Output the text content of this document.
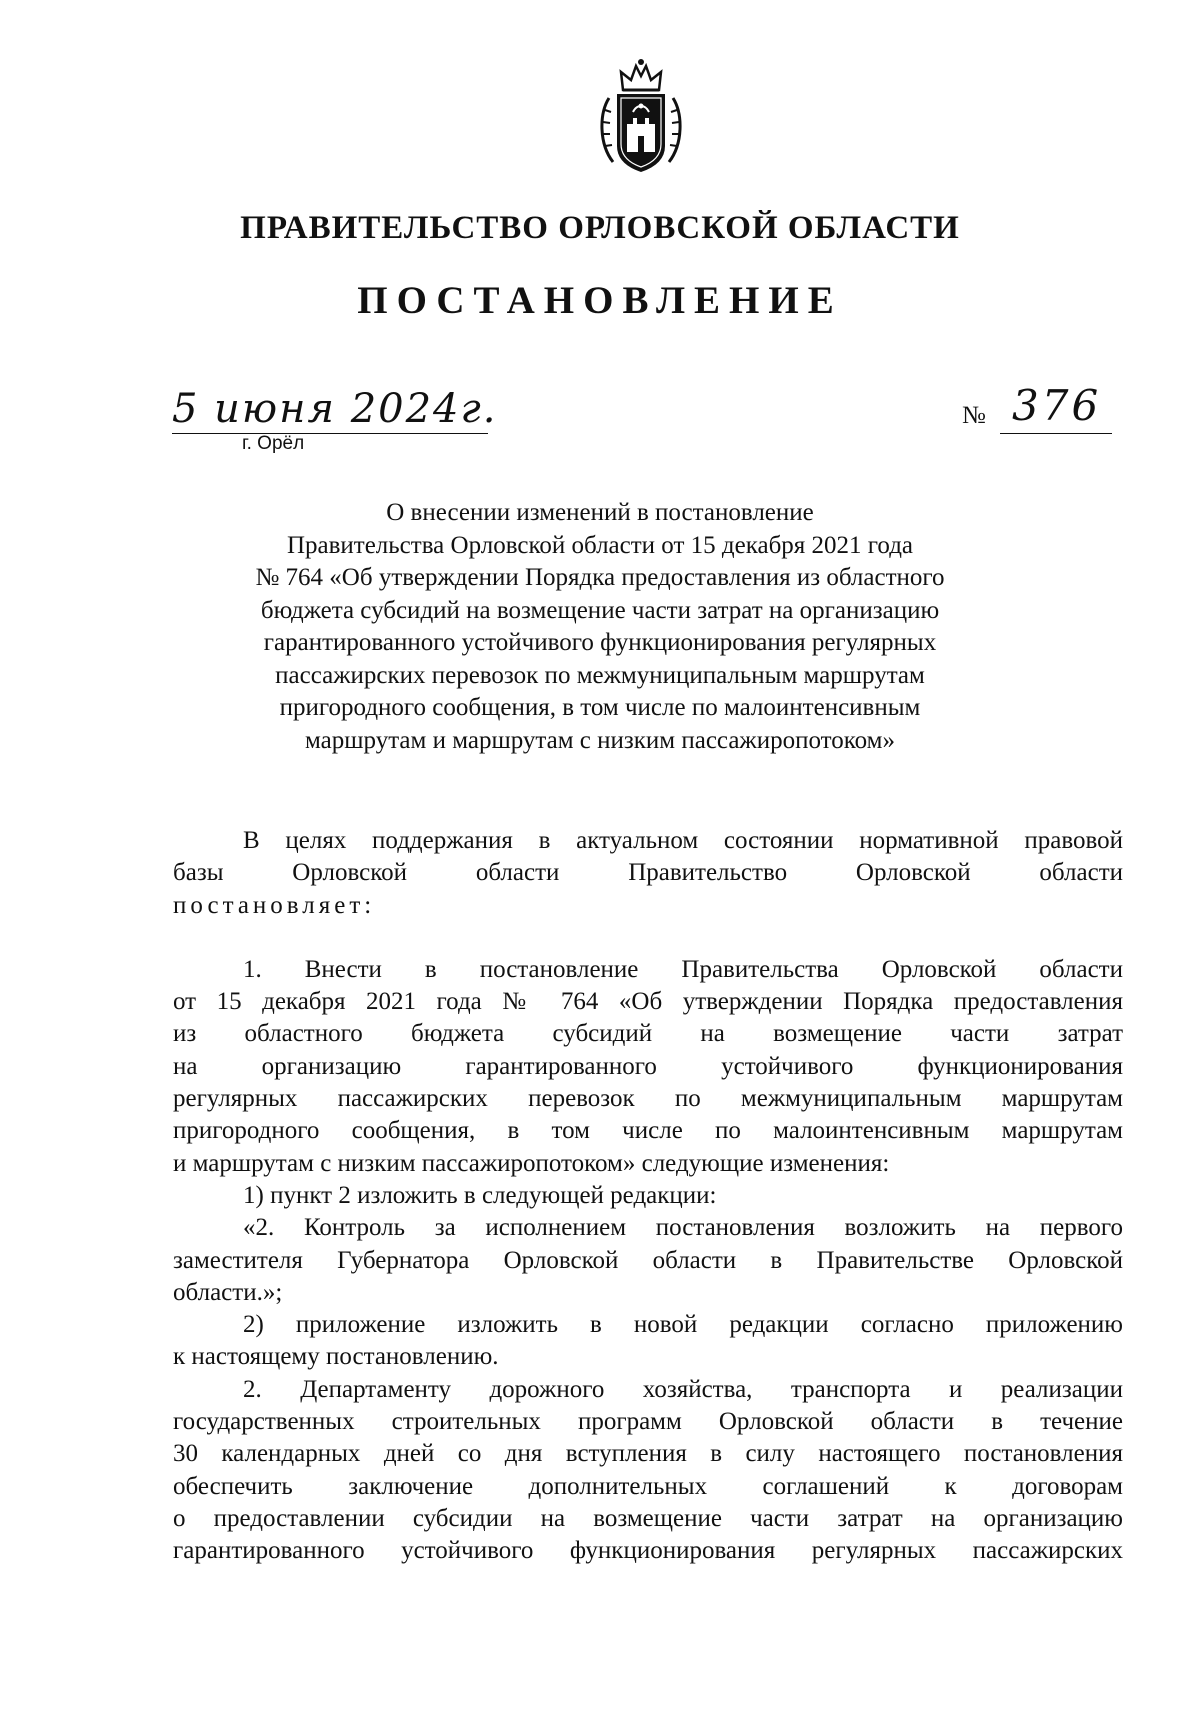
ПРАВИТЕЛЬСТВО ОРЛОВСКОЙ ОБЛАСТИ
ПОСТАНОВЛЕНИЕ
5 июня 2024г.
г. Орёл
№ 376
О внесении изменений в постановление
Правительства Орловской области от 15 декабря 2021 года
№ 764 «Об утверждении Порядка предоставления из областного
бюджета субсидий на возмещение части затрат на организацию
гарантированного устойчивого функционирования регулярных
пассажирских перевозок по межмуниципальным маршрутам
пригородного сообщения, в том числе по малоинтенсивным
маршрутам и маршрутам с низким пассажиропотоком»
В целях поддержания в актуальном состоянии нормативной правовой
базы Орловской области Правительство Орловской области
постановляет:
1. Внести в постановление Правительства Орловской области
от 15 декабря 2021 года № 764 «Об утверждении Порядка предоставления
из областного бюджета субсидий на возмещение части затрат
на организацию гарантированного устойчивого функционирования
регулярных пассажирских перевозок по межмуниципальным маршрутам
пригородного сообщения, в том числе по малоинтенсивным маршрутам
и маршрутам с низким пассажиропотоком» следующие изменения:
1) пункт 2 изложить в следующей редакции:
«2. Контроль за исполнением постановления возложить на первого
заместителя Губернатора Орловской области в Правительстве Орловской
области.»;
2) приложение изложить в новой редакции согласно приложению
к настоящему постановлению.
2. Департаменту дорожного хозяйства, транспорта и реализации
государственных строительных программ Орловской области в течение
30 календарных дней со дня вступления в силу настоящего постановления
обеспечить заключение дополнительных соглашений к договорам
о предоставлении субсидии на возмещение части затрат на организацию
гарантированного устойчивого функционирования регулярных пассажирских
